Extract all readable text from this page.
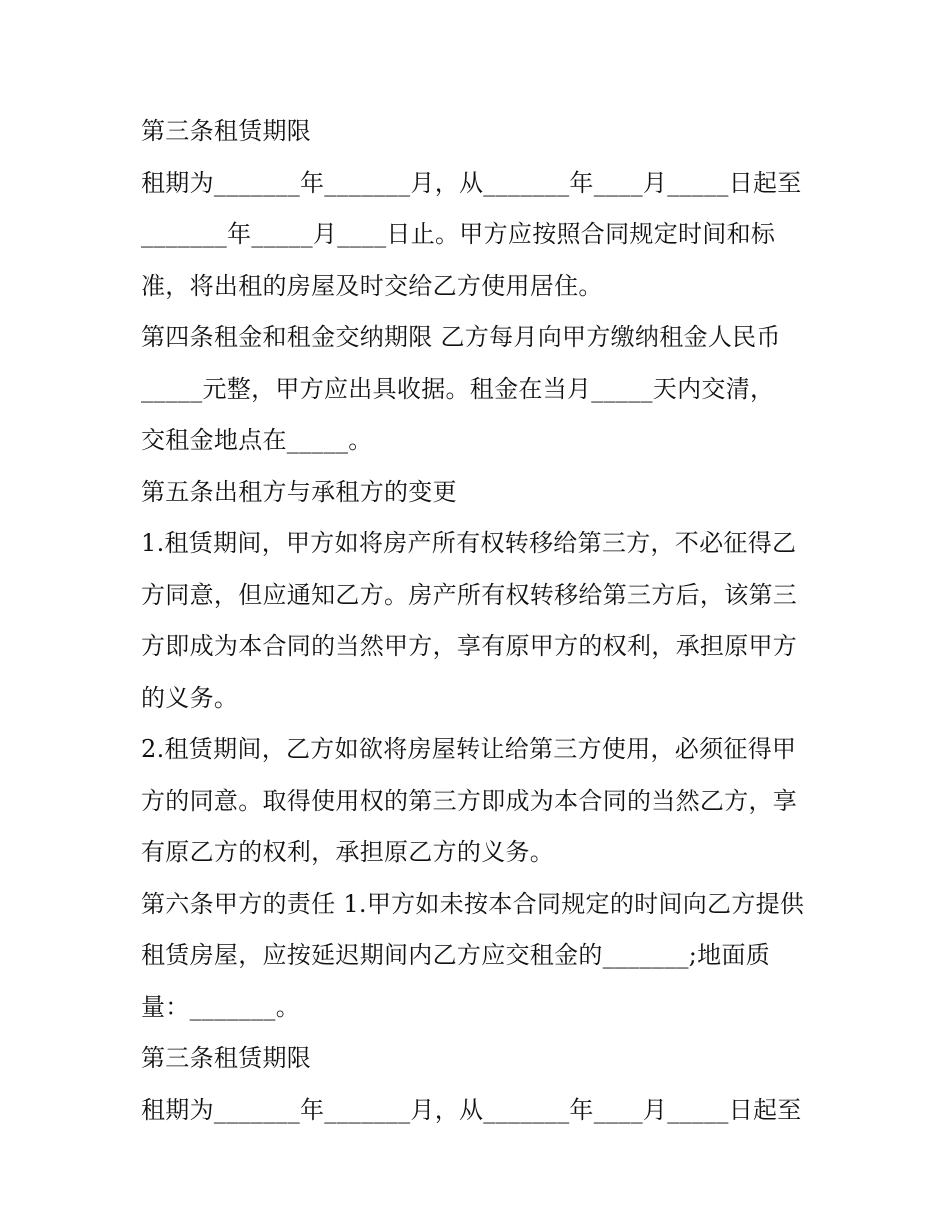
第三条租赁期限
租期为_______年_______月，从_______年____月_____日起至
_______年_____月____日止。甲方应按照合同规定时间和标
准，将出租的房屋及时交给乙方使用居住。
第四条租金和租金交纳期限 乙方每月向甲方缴纳租金人民币
_____元整，甲方应出具收据。租金在当月_____天内交清，
交租金地点在_____。
第五条出租方与承租方的变更
1.租赁期间，甲方如将房产所有权转移给第三方，不必征得乙
方同意，但应通知乙方。房产所有权转移给第三方后，该第三
方即成为本合同的当然甲方，享有原甲方的权利，承担原甲方
的义务。
2.租赁期间，乙方如欲将房屋转让给第三方使用，必须征得甲
方的同意。取得使用权的第三方即成为本合同的当然乙方，享
有原乙方的权利，承担原乙方的义务。
第六条甲方的责任 1.甲方如未按本合同规定的时间向乙方提供
租赁房屋，应按延迟期间内乙方应交租金的_______;地面质
量：_______。
第三条租赁期限
租期为_______年_______月，从_______年____月_____日起至
